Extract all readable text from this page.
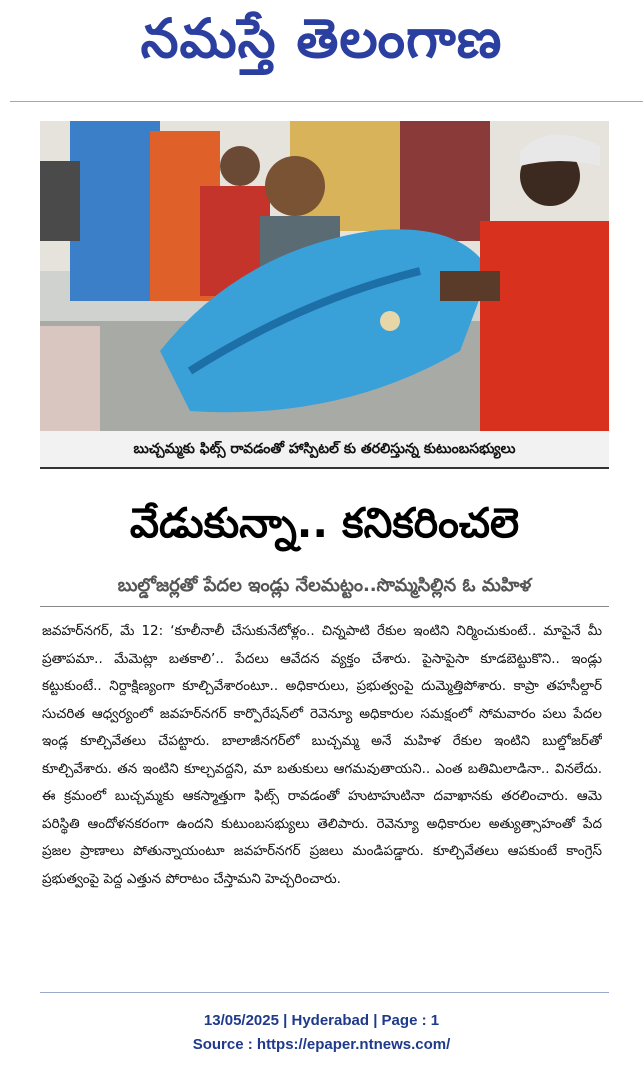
నమస్తే తెలంగాణ
బుచ్చమ్మకు ఫిట్స్ రావడంతో హాస్పిటల్ కు తరలిస్తున్న కుటుంబసభ్యులు
వేడుకున్నా.. కనికరించలె
బుల్డోజర్లతో పేదల ఇండ్లు నేలమట్టం..సొమ్మసిల్లిన ఓ మహిళ
జవహర్‌నగర్, మే 12: ‘కూలీనాలీ చేసుకునేటోళ్లం.. చిన్నపాటి రేకుల ఇంటిని నిర్మించుకుంటే.. మాపైనే మీ ప్రతాపమా.. మేమెట్లా బతకాలి’.. పేదలు ఆవేదన వ్యక్తం చేశారు. పైసాపైసా కూడబెట్టుకొని.. ఇండ్లు కట్టుకుంటే.. నిర్దాక్షిణ్యంగా కూల్చివేశారంటూ.. అధికారులు, ప్రభుత్వంపై దుమ్మెత్తిపోశారు. కాప్రా తహసీల్దార్ సుచరిత ఆధ్వర్యంలో జవహర్‌నగర్ కార్పొరేషన్‌లో రెవెన్యూ అధికారుల సమక్షంలో సోమవారం పలు పేదల ఇండ్ల కూల్చివేతలు చేపట్టారు. బాలాజీనగర్‌లో బుచ్చమ్మ అనే మహిళ రేకుల ఇంటిని బుల్డోజర్‌తో కూల్చివేశారు. తన ఇంటిని కూల్చవద్దని, మా బతుకులు ఆగమవుతాయని.. ఎంత బతిమిలాడినా.. వినలేదు. ఈ క్రమంలో బుచ్చమ్మకు ఆకస్మాత్తుగా ఫిట్స్ రావడంతో హుటాహుటినా దవాఖానకు తరలించారు. ఆమె పరిస్థితి ఆందోళనకరంగా ఉందని కుటుంబసభ్యులు తెలిపారు. రెవెన్యూ అధికారుల అత్యుత్సాహంతో పేద ప్రజల ప్రాణాలు పోతున్నాయంటూ జవహర్‌నగర్ ప్రజలు మండిపడ్డారు. కూల్చివేతలు ఆపకుంటే కాంగ్రెస్ ప్రభుత్వంపై పెద్ద ఎత్తున పోరాటం చేస్తామని హెచ్చరించారు.
13/05/2025 | Hyderabad | Page : 1
Source : https://epaper.ntnews.com/
